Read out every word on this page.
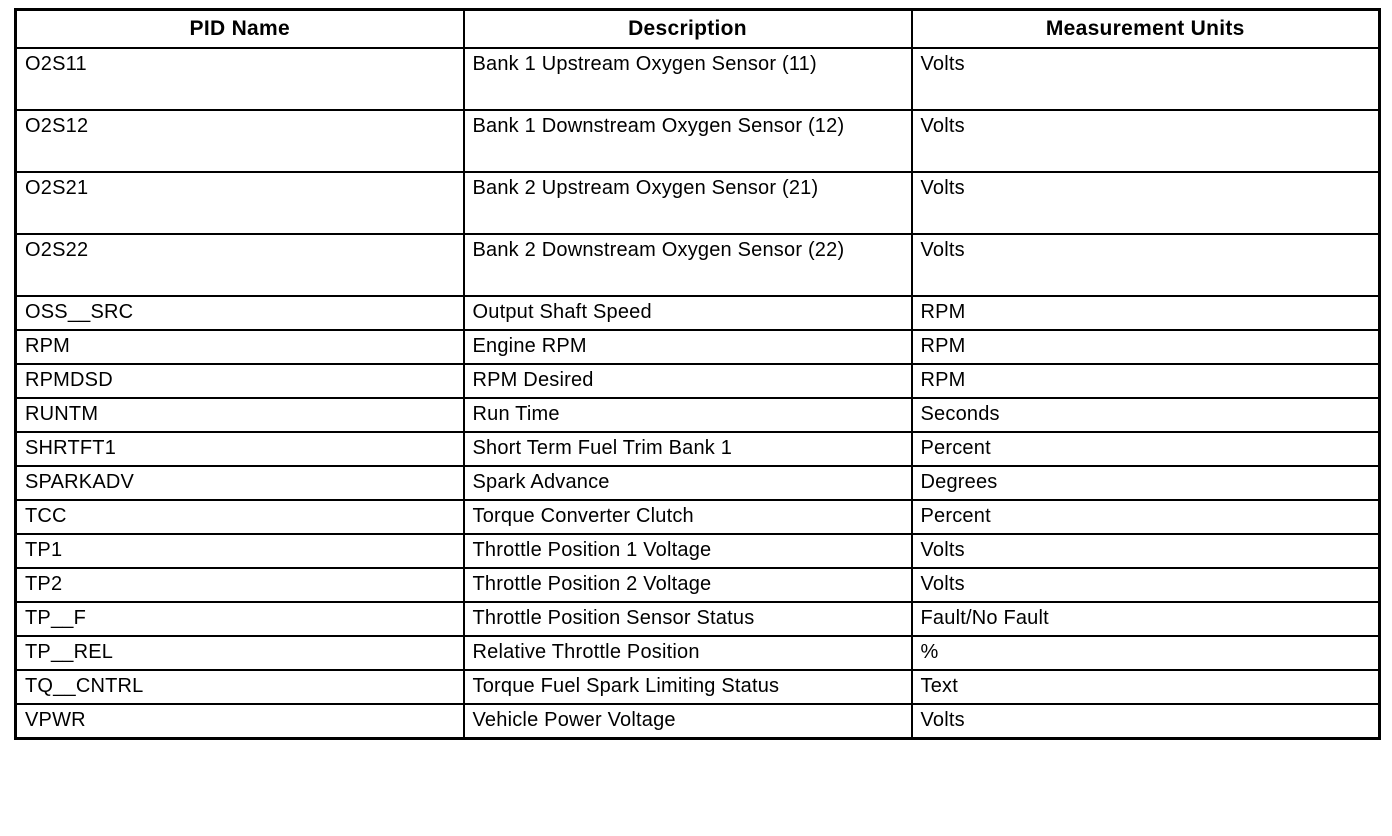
PID Name	Description	Measurement Units
O2S11	Bank 1 Upstream Oxygen Sensor (11)	Volts
O2S12	Bank 1 Downstream Oxygen Sensor (12)	Volts
O2S21	Bank 2 Upstream Oxygen Sensor (21)	Volts
O2S22	Bank 2 Downstream Oxygen Sensor (22)	Volts
OSS__SRC	Output Shaft Speed	RPM
RPM	Engine RPM	RPM
RPMDSD	RPM Desired	RPM
RUNTM	Run Time	Seconds
SHRTFT1	Short Term Fuel Trim Bank 1	Percent
SPARKADV	Spark Advance	Degrees
TCC	Torque Converter Clutch	Percent
TP1	Throttle Position 1 Voltage	Volts
TP2	Throttle Position 2 Voltage	Volts
TP__F	Throttle Position Sensor Status	Fault/No Fault
TP__REL	Relative Throttle Position	%
TQ__CNTRL	Torque Fuel Spark Limiting Status	Text
VPWR	Vehicle Power Voltage	Volts
